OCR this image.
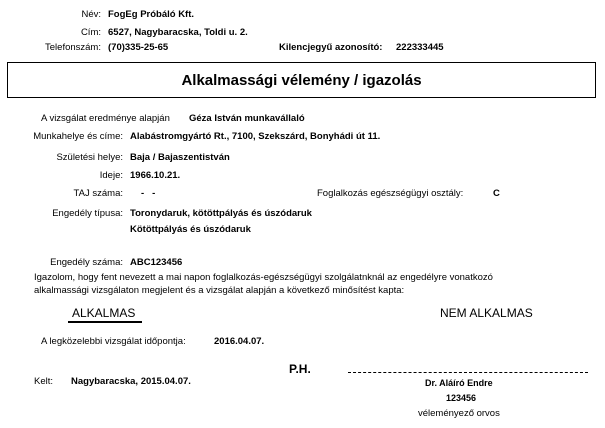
Név: FogEg Próbáló Kft.
Cím: 6527, Nagybaracska, Toldi u. 2.
Telefonszám: (70)335-25-65	Kilencjegyű azonosító: 222333445
Alkalmassági vélemény / igazolás
A vizsgálat eredménye alapján Géza István munkavállaló
Munkahelye és címe: Alabástromgyártó Rt., 7100, Szekszárd, Bonyhádi út 11.
Születési helye: Baja / Bajaszentistván
Ideje: 1966.10.21.
TAJ száma: -   -	Foglalkozás egészségügyi osztály:	C
Engedély típusa: Toronydaruk, kötöttpályás és úszódaruk
Kötöttpályás és úszódaruk
Engedély száma: ABC123456
Igazolom, hogy fent nevezett a mai napon foglalkozás-egészségügyi szolgálatnknál az engedélyre vonatkozó
alkalmassági vizsgálaton megjelent és a vizsgálat alapján a következő minősítést kapta:
ALKALMAS	NEM ALKALMAS
A legközelebbi vizsgálat időpontja:	2016.04.07.
P.H.
Kelt: Nagybaracska, 2015.04.07.	Dr. Aláíró Endre
123456
véleményező orvos
